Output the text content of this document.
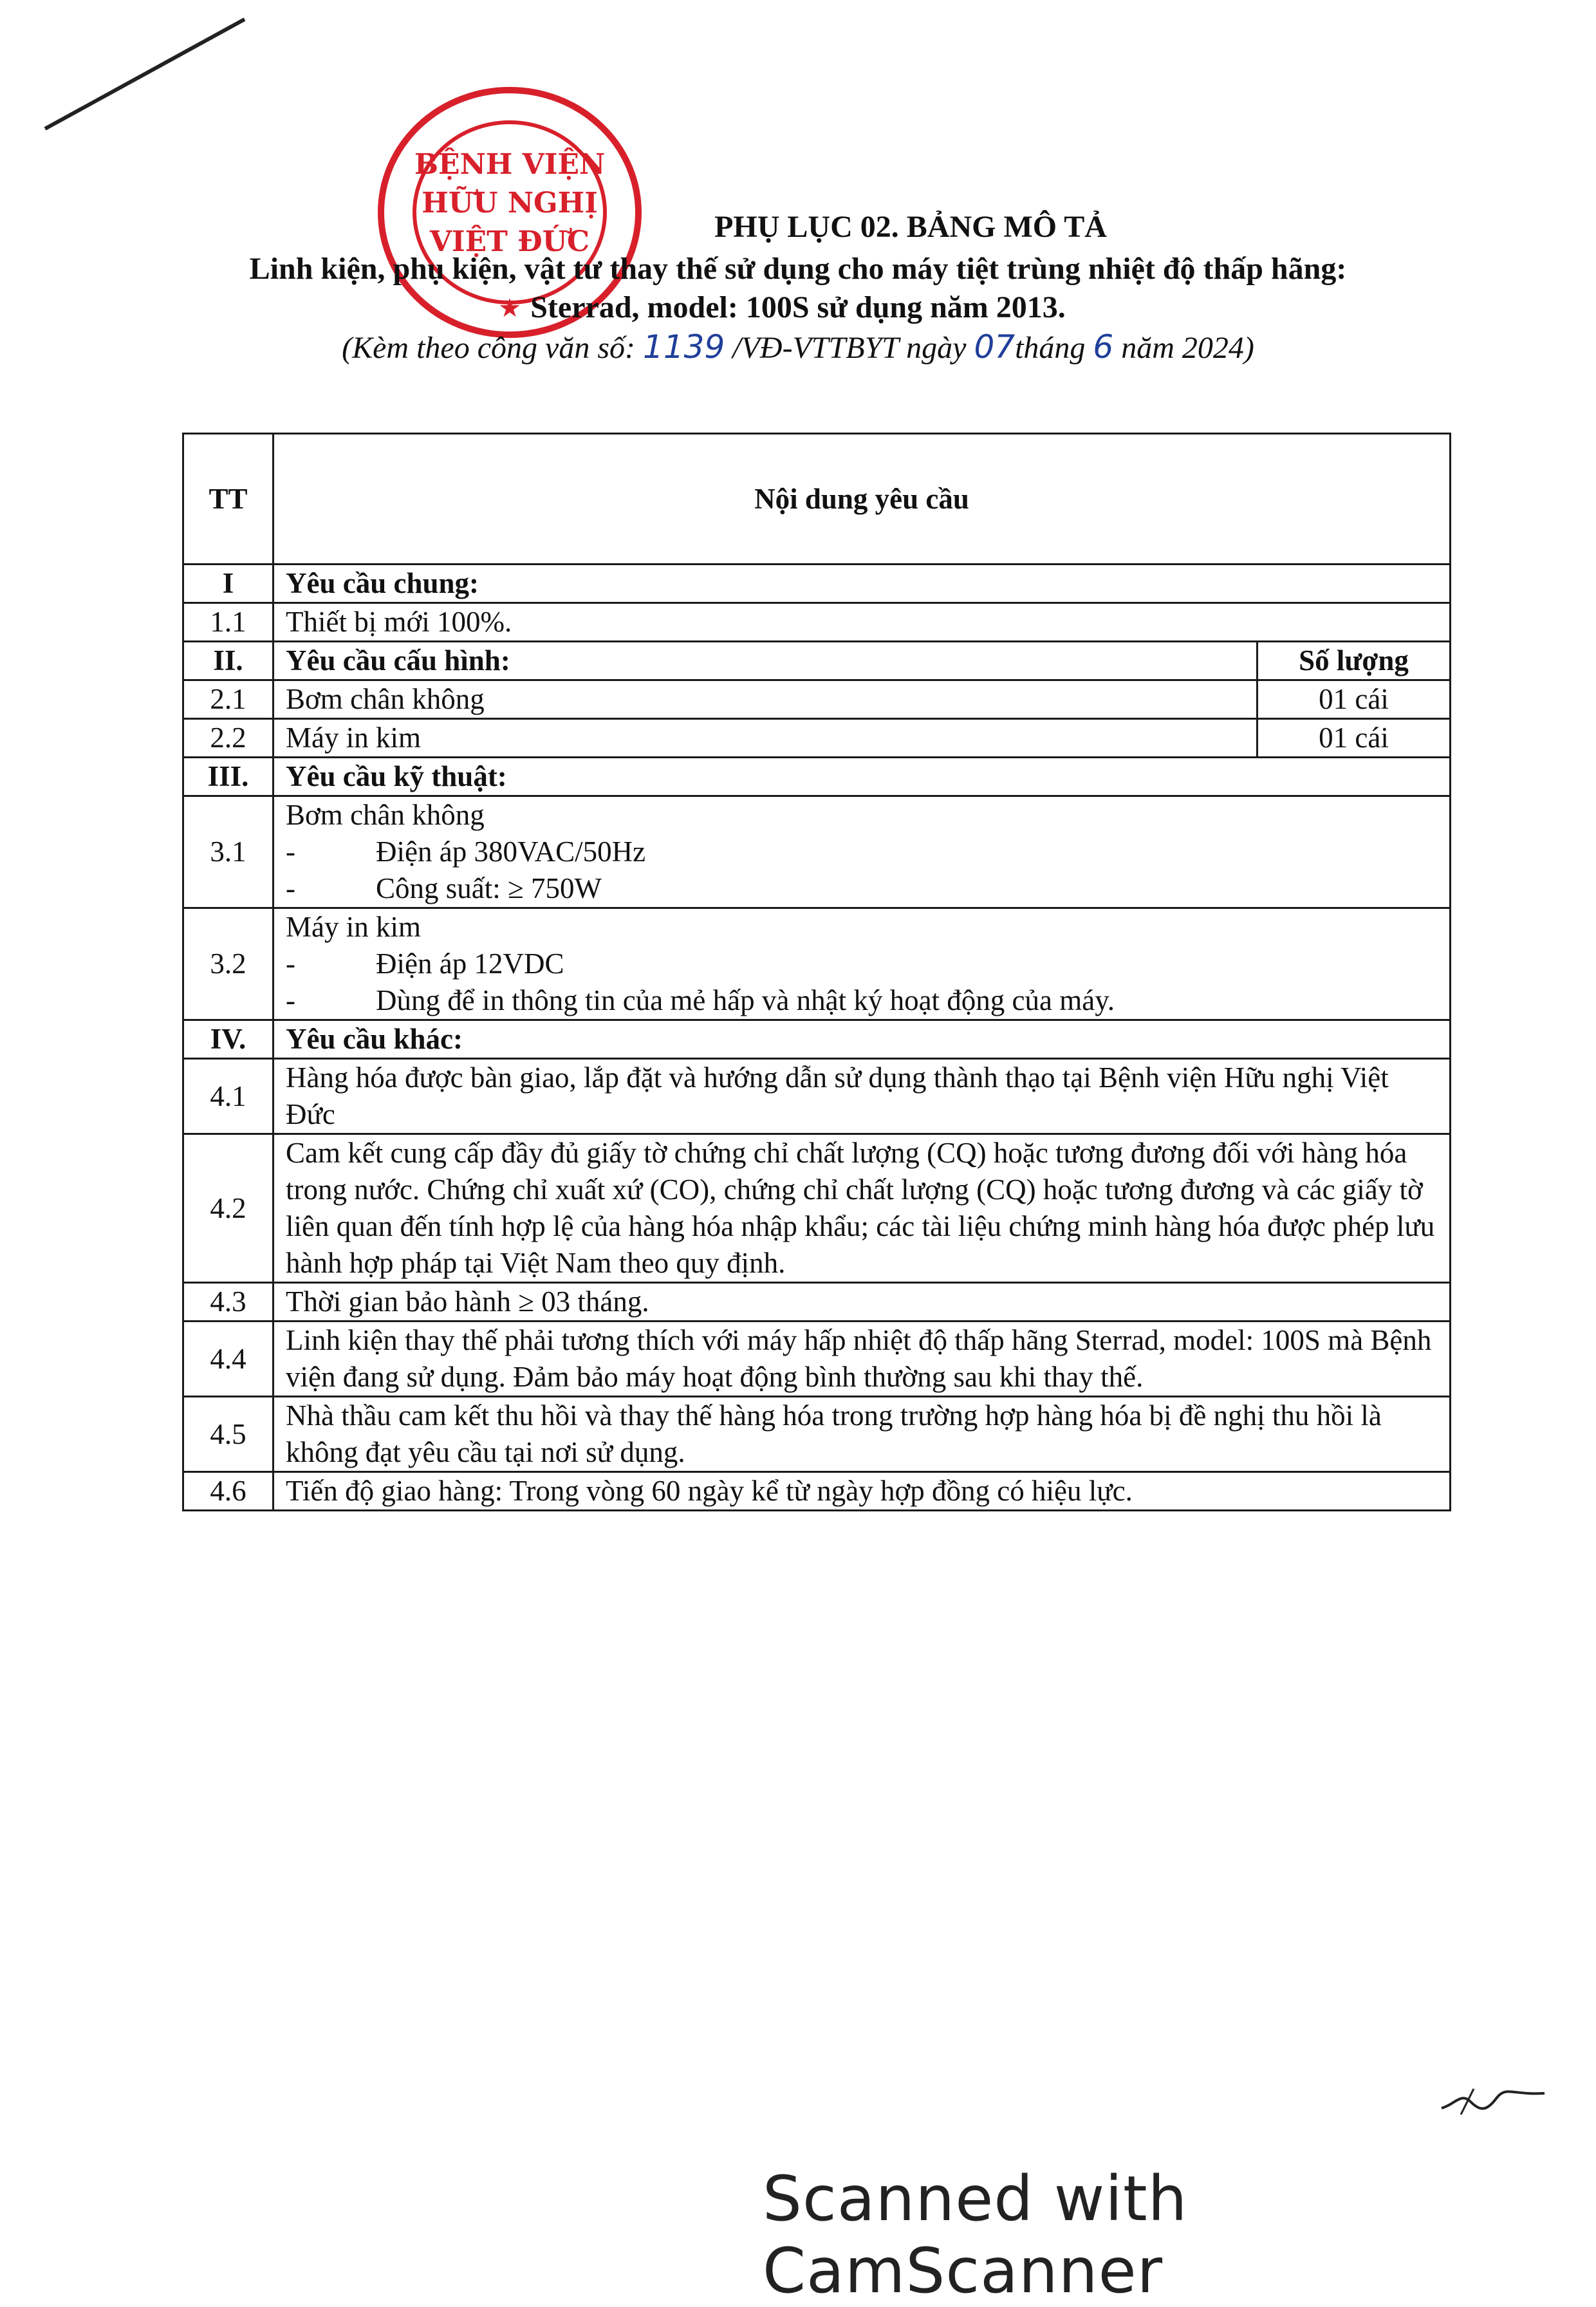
BỆNH VIỆN
HỮU NGHỊ
VIỆT ĐỨC
★
PHỤ LỤC 02. BẢNG MÔ TẢ
Linh kiện, phụ kiện, vật tư thay thế sử dụng cho máy tiệt trùng nhiệt độ thấp hãng:
Sterrad, model: 100S sử dụng năm 2013.
(Kèm theo công văn số: 1139 /VĐ-VTTBYT ngày 07tháng 6 năm 2024)
TT	Nội dung yêu cầu	
I	Yêu cầu chung:	
1.1	Thiết bị mới 100%.	
II.	Yêu cầu cấu hình:	Số lượng
2.1	Bơm chân không	01 cái
2.2	Máy in kim	01 cái
III.	Yêu cầu kỹ thuật:	
3.1	Bơm chân không
- Điện áp 380VAC/50Hz
- Công suất: ≥ 750W	

3.2	Máy in kim
- Điện áp 12VDC
- Dùng để in thông tin của mẻ hấp và nhật ký hoạt động của máy.	

IV.	Yêu cầu khác:	
4.1	Hàng hóa được bàn giao, lắp đặt và hướng dẫn sử dụng thành thạo tại Bệnh viện Hữu nghị Việt Đức	
4.2	Cam kết cung cấp đầy đủ giấy tờ chứng chỉ chất lượng (CQ) hoặc tương đương đối với hàng hóa trong nước. Chứng chỉ xuất xứ (CO), chứng chỉ chất lượng (CQ) hoặc tương đương và các giấy tờ liên quan đến tính hợp lệ của hàng hóa nhập khẩu; các tài liệu chứng minh hàng hóa được phép lưu hành hợp pháp tại Việt Nam theo quy định.	
4.3	Thời gian bảo hành ≥ 03 tháng.	
4.4	Linh kiện thay thế phải tương thích với máy hấp nhiệt độ thấp hãng Sterrad, model: 100S mà Bệnh viện đang sử dụng. Đảm bảo máy hoạt động bình thường sau khi thay thế.	
4.5	Nhà thầu cam kết thu hồi và thay thế hàng hóa trong trường hợp hàng hóa bị đề nghị thu hồi là không đạt yêu cầu tại nơi sử dụng.	
4.6	Tiến độ giao hàng: Trong vòng 60 ngày kể từ ngày hợp đồng có hiệu lực.	
Scanned with CamScanner
